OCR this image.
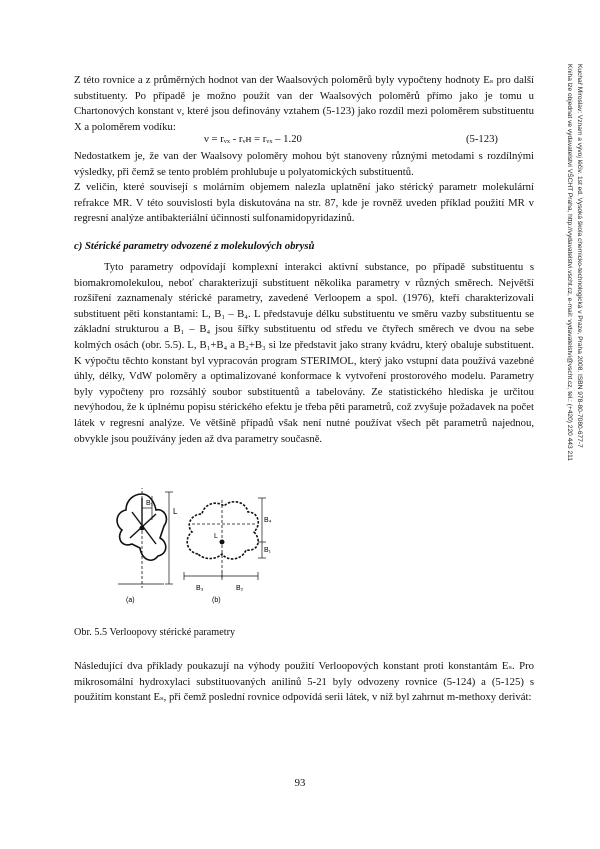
Z této rovnice a z průměrných hodnot van der Waalsových poloměrů byly vypočteny hodnoty Eₛ pro další substituenty. Po případě je možno použít van der Waalsových poloměrů přímo jako je tomu u Chartonových konstant ν, které jsou definovány vztahem (5-123) jako rozdíl mezi poloměrem substituentu X a poloměrem vodíku:

ν = rᵥₓ - rᵥʜ = rᵥₓ – 1.20	(5-123)

Nedostatkem je, že van der Waalsovy poloměry mohou být stanoveny různými metodami s rozdílnými výsledky, při čemž se tento problém prohlubuje u polyatomických substituentů.

Z veličin, které souvisejí s molárním objemem nalezla uplatnění jako stérický parametr molekulární refrakce MR. V této souvislosti byla diskutována na str. 87, kde je rovněž uveden příklad použití MR v regresní analýze antibakteriální účinnosti sulfonamidopyridazinů.

c) Stérické parametry odvozené z molekulových obrysů

Tyto parametry odpovídají komplexní interakci aktivní substance, po případě substituentu s biomakromolekulou, neboť charakterizují substituent několika parametry v různých směrech. Největší rozšíření zaznamenaly stérické parametry, zavedené Verloopem a spol. (1976), kteří charakterizovali substituent pěti konstantami: L, B₁ – B₄. L představuje délku substituentu ve směru vazby substituentu se základní strukturou a B₁ – B₄ jsou šířky substituentu od středu ve čtyřech směrech ve dvou na sebe kolmých osách (obr. 5.5). L, B₁+B₄ a B₂+B₃ si lze představit jako strany kvádru, který obaluje substituent. K výpočtu těchto konstant byl vypracován program STERIMOL, který jako vstupní data používá vazebné úhly, délky, VdW poloměry a optimalizované konformace k vytvoření prostorového modelu. Parametry byly vypočteny pro rozsáhlý soubor substituentů a tabelovány. Ze statistického hlediska je určitou nevýhodou, že k úplnému popisu stérického efektu je třeba pěti parametrů, což zvyšuje požadavek na počet látek v regresní analýze. Ve většině případů však není nutné používat všech pět parametrů najednou, obvykle jsou používány jeden až dva parametry současně.

B₁
L
(a)
B₄
L
B₁
B₃	B₂
(b)
Obr. 5.5 Verloopovy stérické parametry

Následující dva příklady poukazují na výhody použití Verloopových konstant proti konstantám Eₛ. Pro mikrosomální hydroxylaci substituovaných anilinů 5-21 byly odvozeny rovnice (5-124) a (5-125) s použitím konstant Eₛ, při čemž poslední rovnice odpovídá serii látek, v níž byl zahrnut m-methoxy derivát:

93
Kuchař Miroslav: Vznam a vývoj léčiv. 1st ed. Vysoká škola chemicko-technologická v Praze, Praha 2008. ISBN 978-80-7080-677-7
Kniha lze objednat ve vydavatelství VŠCHT Praha, http://vydavatelstvi.vscht.cz, e-mail: vydavatelstvi@vscht.cz, tel.: (+420) 220 443 211
